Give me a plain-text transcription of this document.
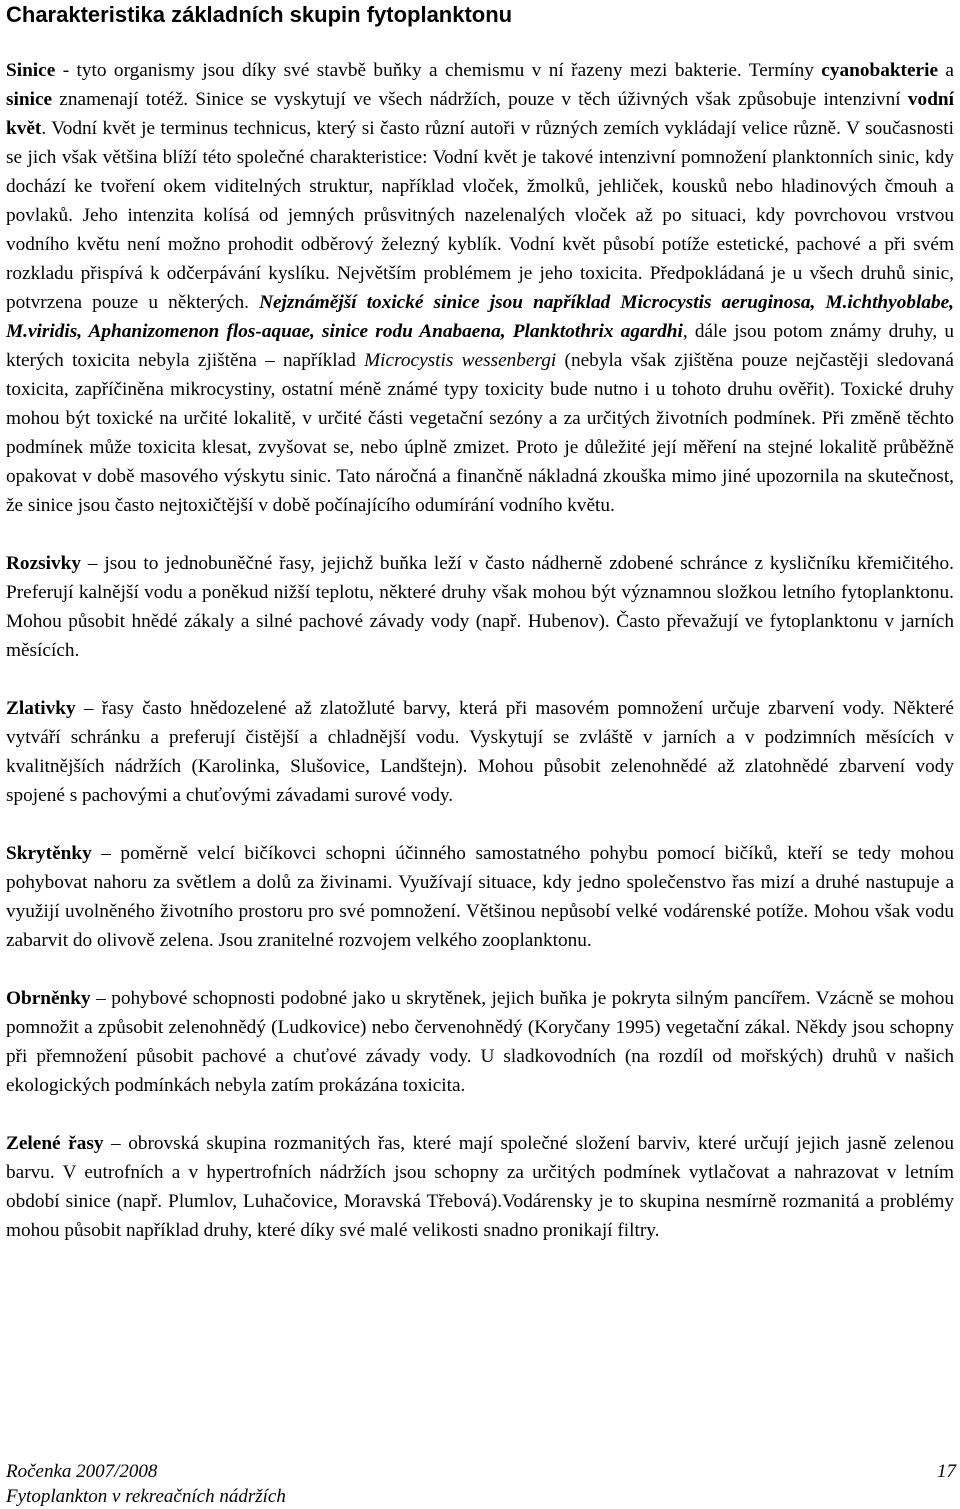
Charakteristika základních skupin fytoplanktonu

Sinice - tyto organismy jsou díky své stavbě buňky a chemismu v ní řazeny mezi bakterie. Termíny cyanobakterie a sinice znamenají totéž. Sinice se vyskytují ve všech nádržích, pouze v těch úživných však způsobuje intenzivní vodní květ. Vodní květ je terminus technicus, který si často různí autoři v různých zemích vykládají velice různě. V současnosti se jich však většina blíží této společné charakteristice: Vodní květ je takové intenzivní pomnožení planktonních sinic, kdy dochází ke tvoření okem viditelných struktur, například vloček, žmolků, jehliček, kousků nebo hladinových čmouh a povlaků. Jeho intenzita kolísá od jemných průsvitných nazelenalých vloček až po situaci, kdy povrchovou vrstvou vodního květu není možno prohodit odběrový železný kyblík. Vodní květ působí potíže estetické, pachové a při svém rozkladu přispívá k odčerpávání kyslíku. Největším problémem je jeho toxicita. Předpokládaná je u všech druhů sinic, potvrzena pouze u některých. Nejznámější toxické sinice jsou například Microcystis aeruginosa, M.ichthyoblabe, M.viridis, Aphanizomenon flos-aquae, sinice rodu Anabaena, Planktothrix agardhi, dále jsou potom známy druhy, u kterých toxicita nebyla zjištěna – například Microcystis wessenbergi (nebyla však zjištěna pouze nejčastěji sledovaná toxicita, zapříčiněna mikrocystiny, ostatní méně známé typy toxicity bude nutno i u tohoto druhu ověřit). Toxické druhy mohou být toxické na určité lokalitě, v určité části vegetační sezóny a za určitých životních podmínek. Při změně těchto podmínek může toxicita klesat, zvyšovat se, nebo úplně zmizet. Proto je důležité její měření na stejné lokalitě průběžně opakovat v době masového výskytu sinic. Tato náročná a finančně nákladná zkouška mimo jiné upozornila na skutečnost, že sinice jsou často nejtoxičtější v době počínajícího odumírání vodního květu.

Rozsivky – jsou to jednobuněčné řasy, jejichž buňka leží v často nádherně zdobené schránce z kysličníku křemičitého. Preferují kalnější vodu a poněkud nižší teplotu, některé druhy však mohou být významnou složkou letního fytoplanktonu. Mohou působit hnědé zákaly a silné pachové závady vody (např. Hubenov). Často převažují ve fytoplanktonu v jarních měsících.

Zlativky – řasy často hnědozelené až zlatožluté barvy, která při masovém pomnožení určuje zbarvení vody. Některé vytváří schránku a preferují čistější a chladnější vodu. Vyskytují se zvláště v jarních a v podzimních měsících v kvalitnějších nádržích (Karolinka, Slušovice, Landštejn). Mohou působit zelenohnědé až zlatohnědé zbarvení vody spojené s pachovými a chuťovými závadami surové vody.

Skrytěnky – poměrně velcí bičíkovci schopni účinného samostatného pohybu pomocí bičíků, kteří se tedy mohou pohybovat nahoru za světlem a dolů za živinami. Využívají situace, kdy jedno společenstvo řas mizí a druhé nastupuje a využijí uvolněného životního prostoru pro své pomnožení. Většinou nepůsobí velké vodárenské potíže. Mohou však vodu zabarvit do olivově zelena. Jsou zranitelné rozvojem velkého zooplanktonu.

Obrněnky – pohybové schopnosti podobné jako u skrytěnek, jejich buňka je pokryta silným pancířem. Vzácně se mohou pomnožit a způsobit zelenohnědý (Ludkovice) nebo červenohnědý (Koryčany 1995) vegetační zákal. Někdy jsou schopny při přemnožení působit pachové a chuťové závady vody. U sladkovodních (na rozdíl od mořských) druhů v našich ekologických podmínkách nebyla zatím prokázána toxicita.

Zelené řasy – obrovská skupina rozmanitých řas, které mají společné složení barviv, které určují jejich jasně zelenou barvu. V eutrofních a v hypertrofních nádržích jsou schopny za určitých podmínek vytlačovat a nahrazovat v letním období sinice (např. Plumlov, Luhačovice, Moravská Třebová).Vodárensky je to skupina nesmírně rozmanitá a problémy mohou působit například druhy, které díky své malé velikosti snadno pronikají filtry.

Ročenka 2007/2008	17
Fytoplankton v rekreačních nádržích
